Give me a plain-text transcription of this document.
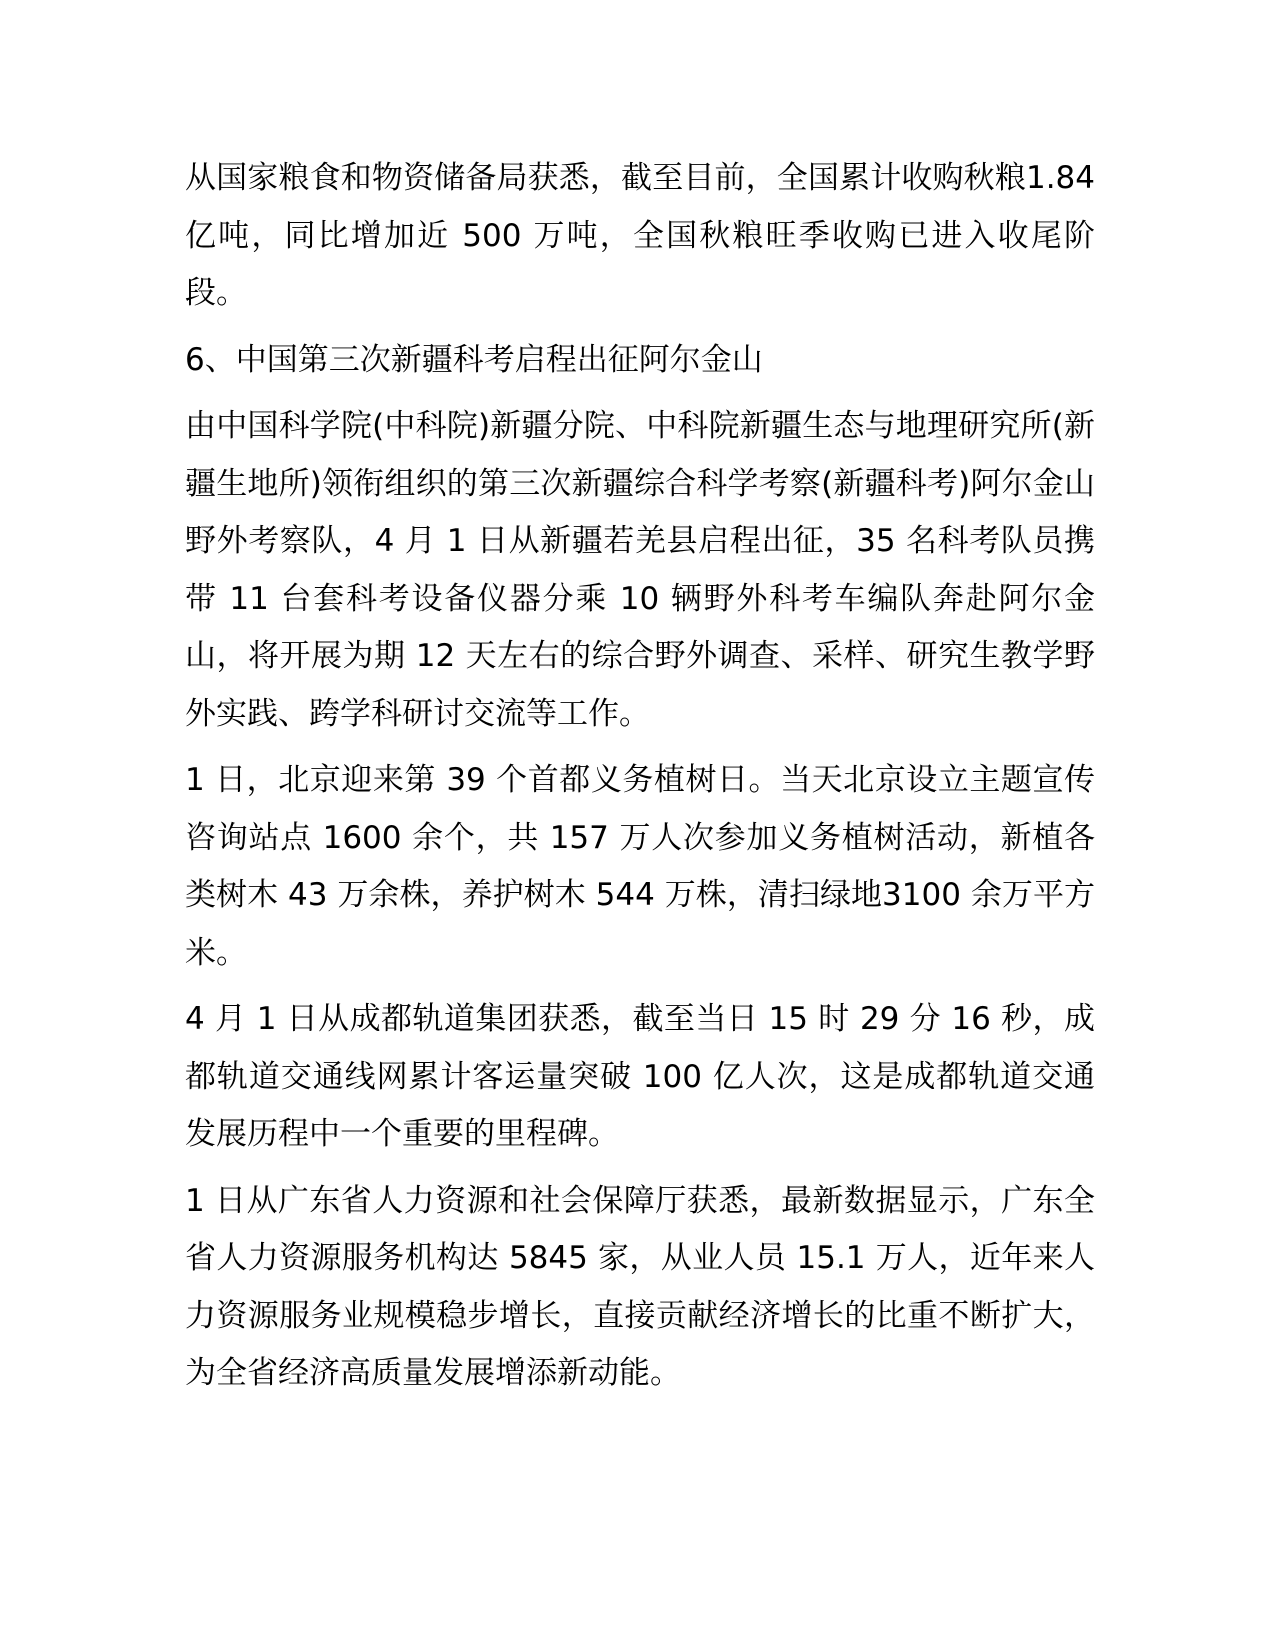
从国家粮食和物资储备局获悉，截至目前，全国累计收购秋粮1.84 亿吨，同比增加近 500 万吨，全国秋粮旺季收购已进入收尾阶段。

6、中国第三次新疆科考启程出征阿尔金山

由中国科学院(中科院)新疆分院、中科院新疆生态与地理研究所(新疆生地所)领衔组织的第三次新疆综合科学考察(新疆科考)阿尔金山野外考察队，4 月 1 日从新疆若羌县启程出征，35 名科考队员携带 11 台套科考设备仪器分乘 10 辆野外科考车编队奔赴阿尔金山，将开展为期 12 天左右的综合野外调查、采样、研究生教学野外实践、跨学科研讨交流等工作。

1 日，北京迎来第 39 个首都义务植树日。当天北京设立主题宣传咨询站点 1600 余个，共 157 万人次参加义务植树活动，新植各类树木 43 万余株，养护树木 544 万株，清扫绿地3100 余万平方米。

4 月 1 日从成都轨道集团获悉，截至当日 15 时 29 分 16 秒，成都轨道交通线网累计客运量突破 100 亿人次，这是成都轨道交通发展历程中一个重要的里程碑。

1 日从广东省人力资源和社会保障厅获悉，最新数据显示，广东全省人力资源服务机构达 5845 家，从业人员 15.1 万人，近年来人力资源服务业规模稳步增长，直接贡献经济增长的比重不断扩大，为全省经济高质量发展增添新动能。
